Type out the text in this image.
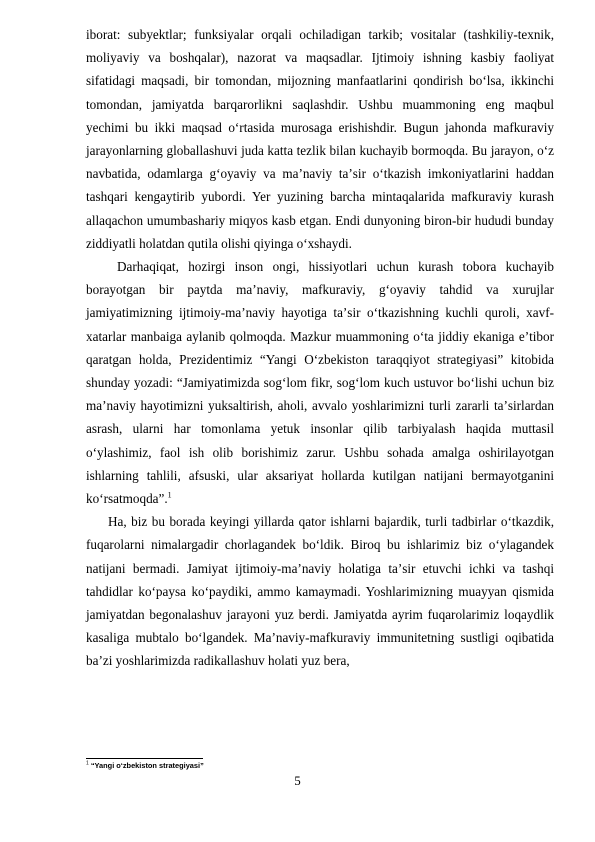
iborat: subyektlar; funksiyalar orqali ochiladigan tarkib; vositalar (tashkiliy-texnik, moliyaviy va boshqalar), nazorat va maqsadlar. Ijtimoiy ishning kasbiy faoliyat sifatidagi maqsadi, bir tomondan, mijozning manfaatlarini qondirish boʻlsa, ikkinchi tomondan, jamiyatda barqarorlikni saqlashdir. Ushbu muammoning eng maqbul yechimi bu ikki maqsad oʻrtasida murosaga erishishdir. Bugun jahonda mafkuraviy jarayonlarning globallashuvi juda katta tezlik bilan kuchayib bormoqda. Bu jarayon, oʻz navbatida, odamlarga gʻoyaviy va maʼnaviy taʼsir oʻtkazish imkoniyatlarini haddan tashqari kengaytirib yubordi. Yer yuzining barcha mintaqalarida mafkuraviy kurash allaqachon umumbashariy miqyos kasb etgan. Endi dunyoning biron-bir hududi bunday ziddiyatli holatdan qutila olishi qiyinga oʻxshaydi.

Darhaqiqat, hozirgi inson ongi, hissiyotlari uchun kurash tobora kuchayib borayotgan bir paytda maʼnaviy, mafkuraviy, gʻoyaviy tahdid va xurujlar jamiyatimizning ijtimoiy-maʼnaviy hayotiga taʼsir oʻtkazishning kuchli quroli, xavf-xatarlar manbaiga aylanib qolmoqda. Mazkur muammoning oʻta jiddiy ekaniga eʼtibor qaratgan holda, Prezidentimiz “Yangi Oʻzbekiston taraqqiyot strategiyasi” kitobida shunday yozadi: “Jamiyatimizda sogʻlom fikr, sogʻlom kuch ustuvor boʻlishi uchun biz maʼnaviy hayotimizni yuksaltirish, aholi, avvalo yoshlarimizni turli zararli taʼsirlardan asrash, ularni har tomonlama yetuk insonlar qilib tarbiyalash haqida muttasil oʻylashimiz, faol ish olib borishimiz zarur. Ushbu sohada amalga oshirilayotgan ishlarning tahlili, afsuski, ular aksariyat hollarda kutilgan natijani bermayotganini koʻrsatmoqda”.$^1$

Ha, biz bu borada keyingi yillarda qator ishlarni bajardik, turli tadbirlar oʻtkazdik, fuqarolarni nimalargadir chorlagandek boʻldik. Biroq bu ishlarimiz biz oʻylagandek natijani bermadi. Jamiyat ijtimoiy-maʼnaviy holatiga taʼsir etuvchi ichki va tashqi tahdidlar koʻpaysa koʻpaydiki, ammo kamaymadi. Yoshlarimizning muayyan qismida jamiyatdan begonalashuv jarayoni yuz berdi. Jamiyatda ayrim fuqarolarimiz loqaydlik kasaliga mubtalo boʻlgandek. Maʼnaviy-mafkuraviy immunitetning sustligi oqibatida baʼzi yoshlarimizda radikallashuv holati yuz bera,

$^1$ “Yangi oʻzbekiston strategiyasi”
5
